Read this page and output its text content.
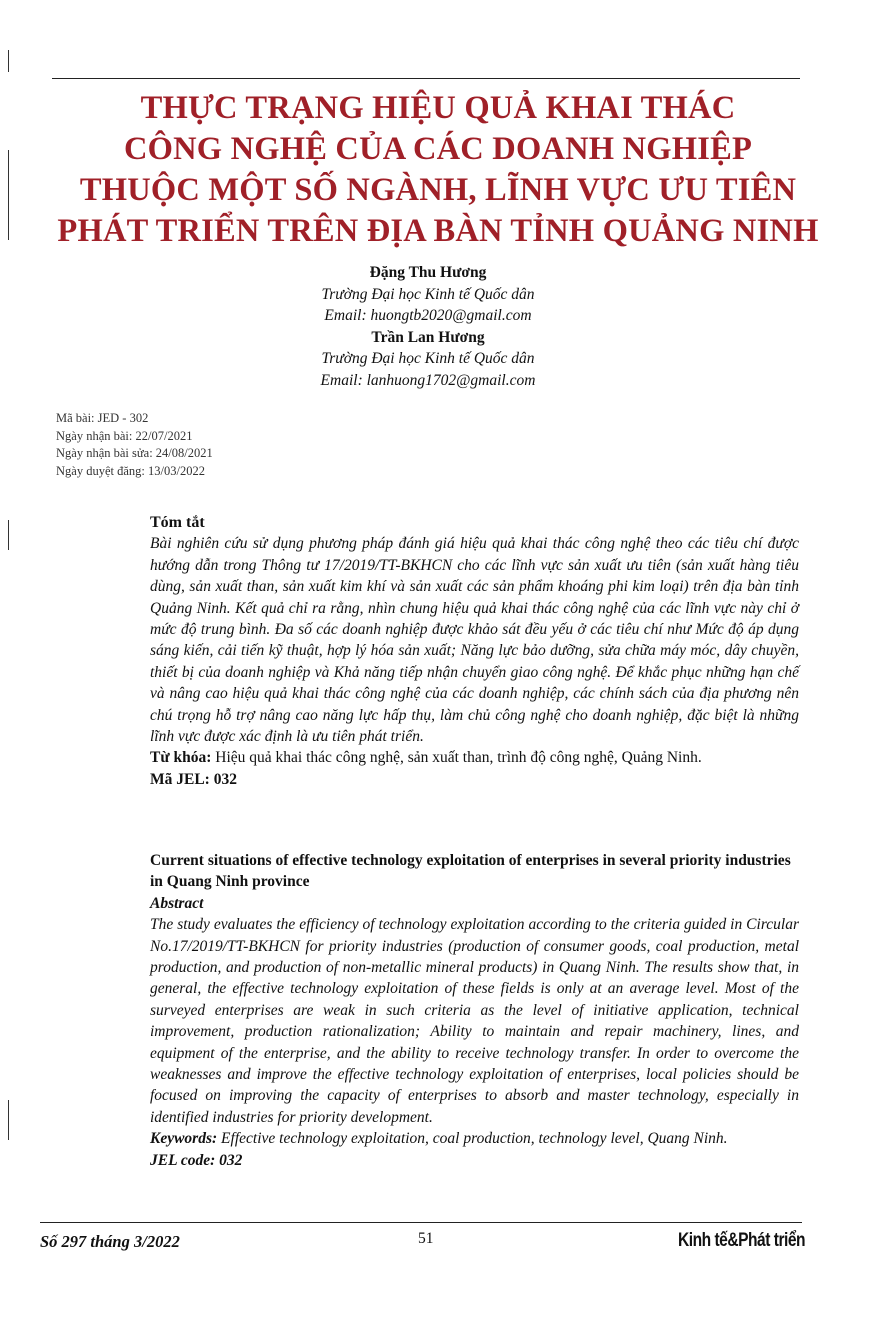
THỰC TRẠNG HIỆU QUẢ KHAI THÁC
CÔNG NGHỆ CỦA CÁC DOANH NGHIỆP
THUỘC MỘT SỐ NGÀNH, LĨNH VỰC ƯU TIÊN
PHÁT TRIỂN TRÊN ĐỊA BÀN TỈNH QUẢNG NINH
Đặng Thu Hương
Trường Đại học Kinh tế Quốc dân
Email: huongtb2020@gmail.com
Trần Lan Hương
Trường Đại học Kinh tế Quốc dân
Email: lanhuong1702@gmail.com
Mã bài: JED - 302
Ngày nhận bài: 22/07/2021
Ngày nhận bài sửa: 24/08/2021
Ngày duyệt đăng: 13/03/2022
Tóm tắt
Bài nghiên cứu sử dụng phương pháp đánh giá hiệu quả khai thác công nghệ theo các tiêu chí được hướng dẫn trong Thông tư 17/2019/TT-BKHCN cho các lĩnh vực sản xuất ưu tiên (sản xuất hàng tiêu dùng, sản xuất than, sản xuất kim khí và sản xuất các sản phẩm khoáng phi kim loại) trên địa bàn tỉnh Quảng Ninh. Kết quả chỉ ra rằng, nhìn chung hiệu quả khai thác công nghệ của các lĩnh vực này chỉ ở mức độ trung bình. Đa số các doanh nghiệp được khảo sát đều yếu ở các tiêu chí như Mức độ áp dụng sáng kiến, cải tiến kỹ thuật, hợp lý hóa sản xuất; Năng lực bảo dưỡng, sửa chữa máy móc, dây chuyền, thiết bị của doanh nghiệp và Khả năng tiếp nhận chuyển giao công nghệ. Để khắc phục những hạn chế và nâng cao hiệu quả khai thác công nghệ của các doanh nghiệp, các chính sách của địa phương nên chú trọng hỗ trợ nâng cao năng lực hấp thụ, làm chủ công nghệ cho doanh nghiệp, đặc biệt là những lĩnh vực được xác định là ưu tiên phát triển.
Từ khóa: Hiệu quả khai thác công nghệ, sản xuất than, trình độ công nghệ, Quảng Ninh.
Mã JEL: 032
Current situations of effective technology exploitation of enterprises in several priority industries in Quang Ninh province
Abstract
The study evaluates the efficiency of technology exploitation according to the criteria guided in Circular No.17/2019/TT-BKHCN for priority industries (production of consumer goods, coal production, metal production, and production of non-metallic mineral products) in Quang Ninh. The results show that, in general, the effective technology exploitation of these fields is only at an average level. Most of the surveyed enterprises are weak in such criteria as the level of initiative application, technical improvement, production rationalization; Ability to maintain and repair machinery, lines, and equipment of the enterprise, and the ability to receive technology transfer. In order to overcome the weaknesses and improve the effective technology exploitation of enterprises, local policies should be focused on improving the capacity of enterprises to absorb and master technology, especially in identified industries for priority development.
Keywords: Effective technology exploitation, coal production, technology level, Quang Ninh.
JEL code: 032
Số 297 tháng 3/2022	51	Kinh tế&Phát triển
